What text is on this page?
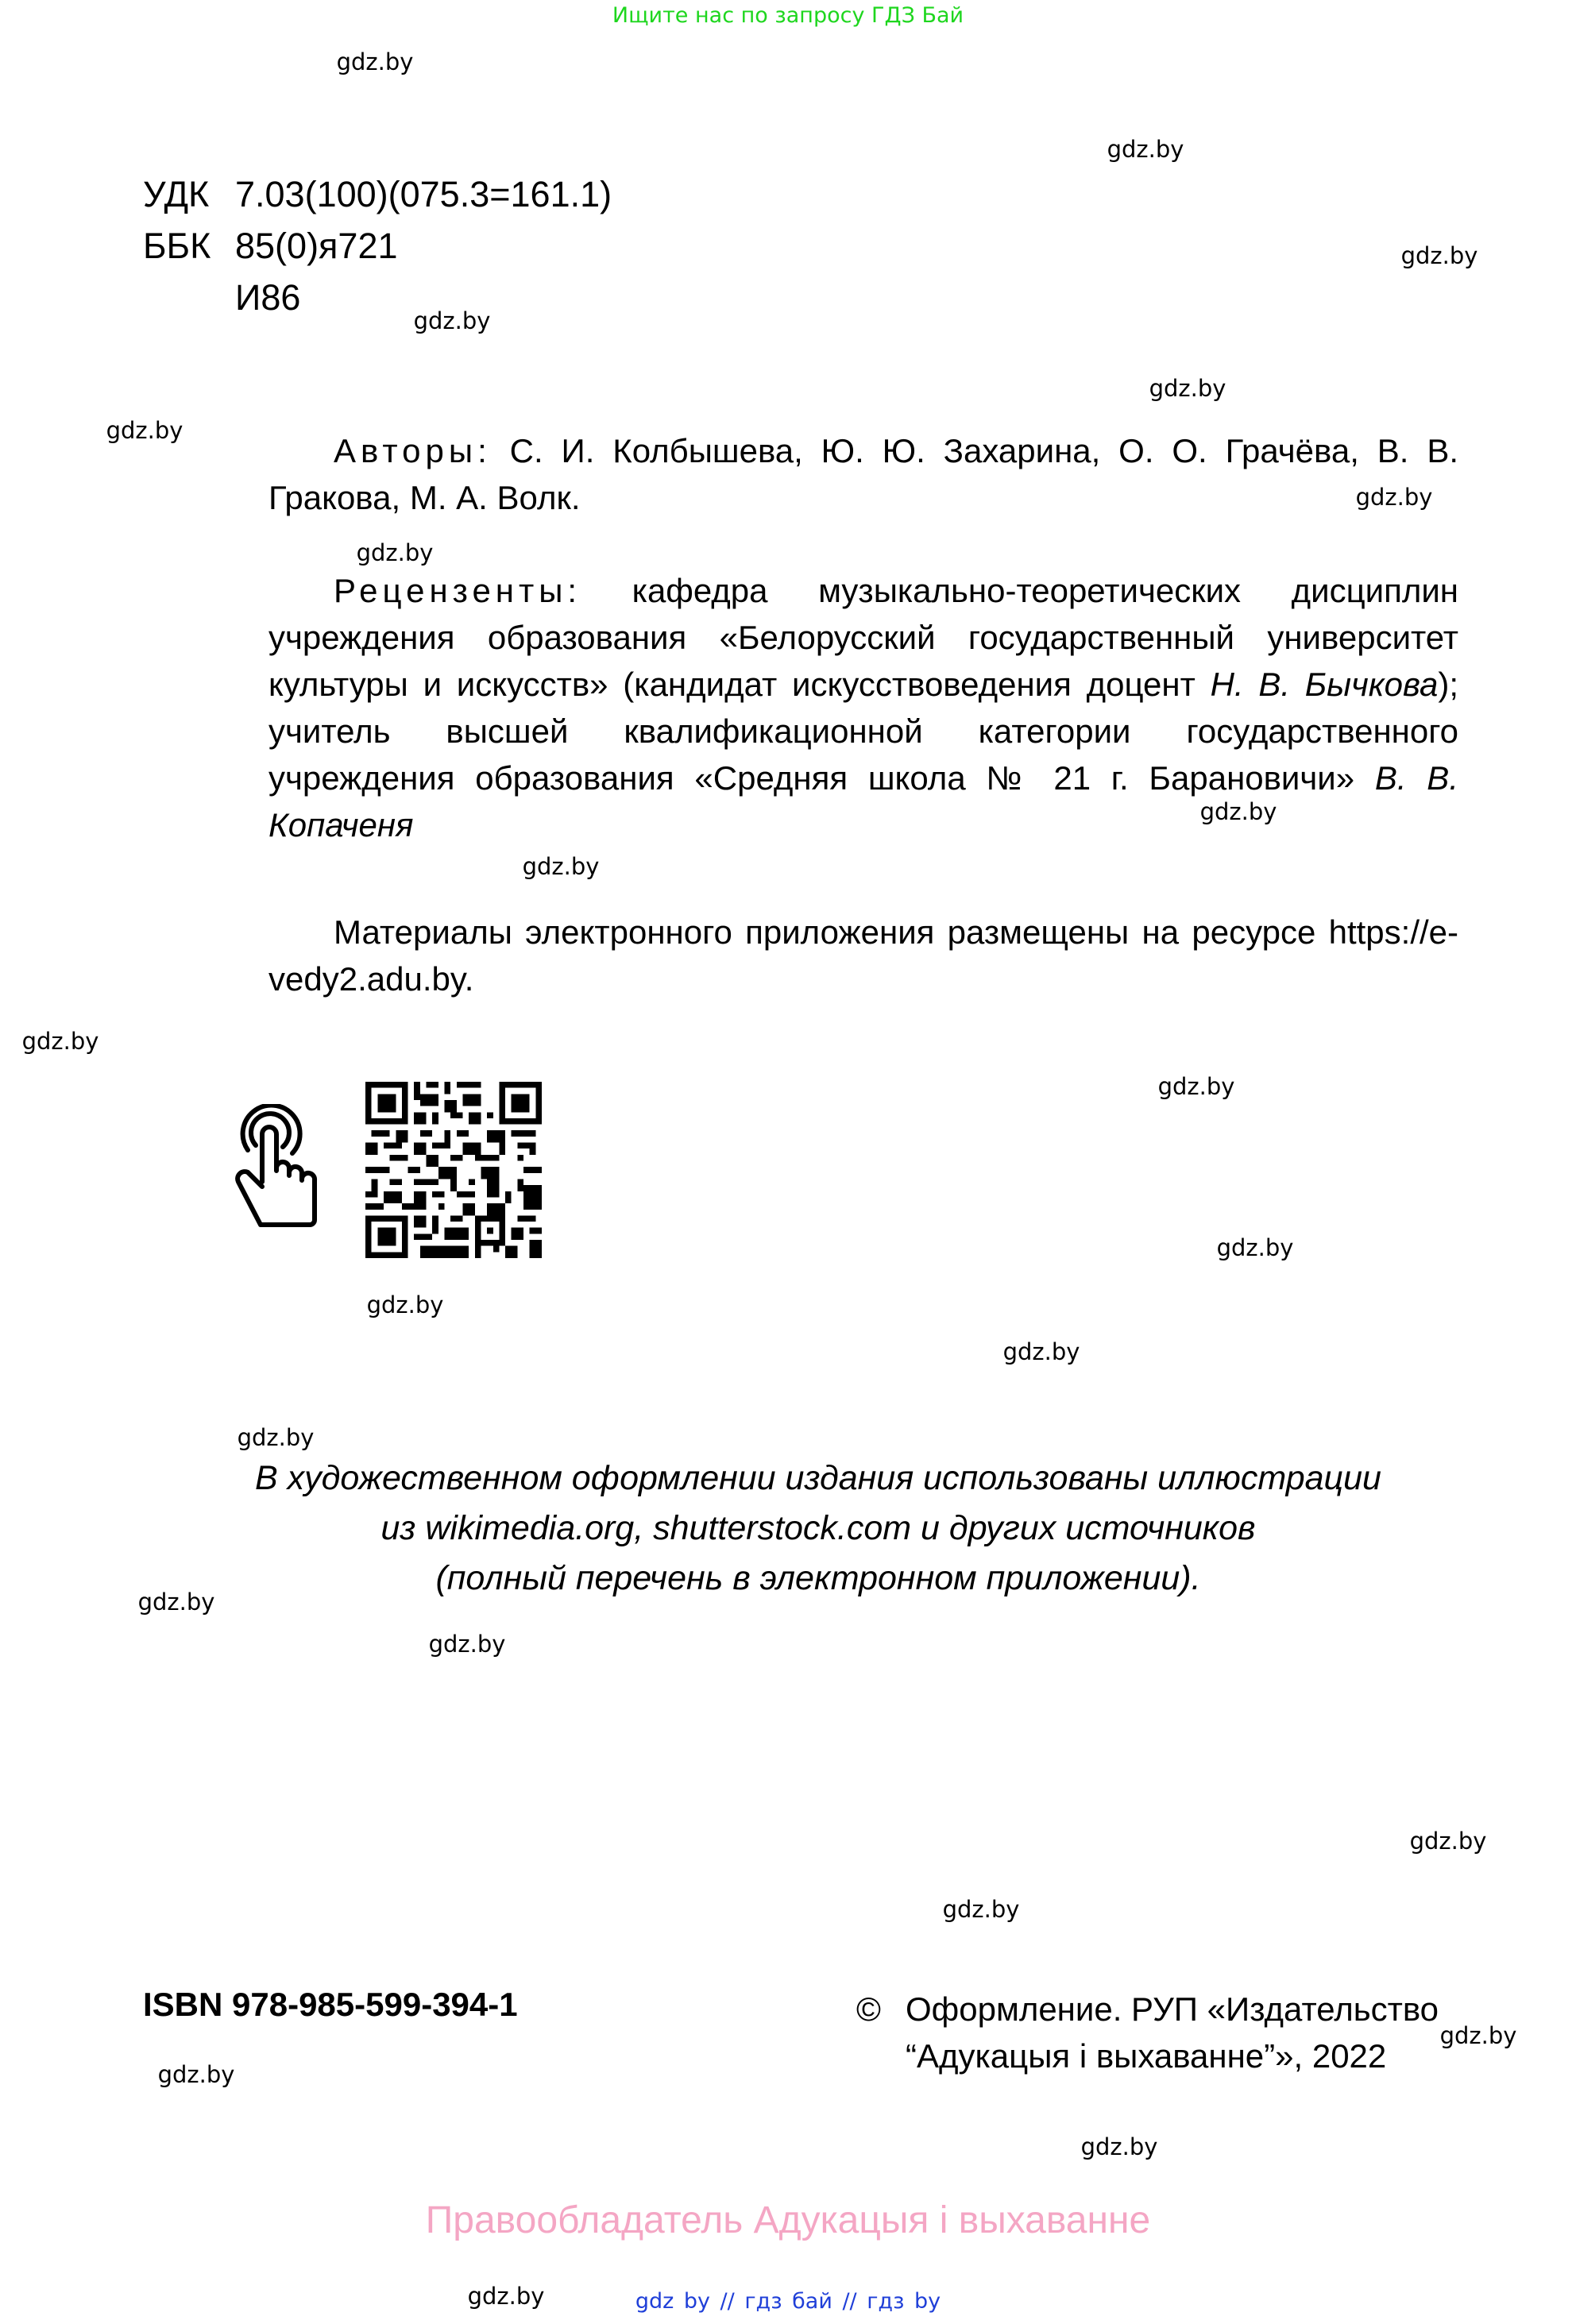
Ищите нас по запросу ГДЗ Бай
УДК 7.03(100)(075.3=161.1)
ББК 85(0)я721
И86
Авторы: С. И. Колбышева, Ю. Ю. Захарина, О. О. Грачёва, В. В. Гракова, М. А. Волк.
Рецензенты: кафедра музыкально-теоретических дисциплин учреждения образования «Белорусский государственный университет культуры и искусств» (кандидат искусствоведения доцент Н. В. Бычкова); учитель высшей квалификационной категории государственного учреждения образования «Средняя школа № 21 г. Барановичи» В. В. Копаченя
Материалы электронного приложения размещены на ресурсе https://e-vedy2.adu.by.
В художественном оформлении издания использованы иллюстрации
из wikimedia.org, shutterstock.com и других источников
(полный перечень в электронном приложении).
ISBN 978-985-599-394-1	© Оформление. РУП «Издательство
“Адукацыя і выхаванне”», 2022
Правообладатель Адукацыя і выхаванне
gdz by // гдз бай // гдз by
gdz.by
gdz.by
gdz.by
gdz.by
gdz.by
gdz.by
gdz.by
gdz.by
gdz.by
gdz.by
gdz.by
gdz.by
gdz.by
gdz.by
gdz.by
gdz.by
gdz.by
gdz.by
gdz.by
gdz.by
gdz.by
gdz.by
gdz.by
gdz.by
